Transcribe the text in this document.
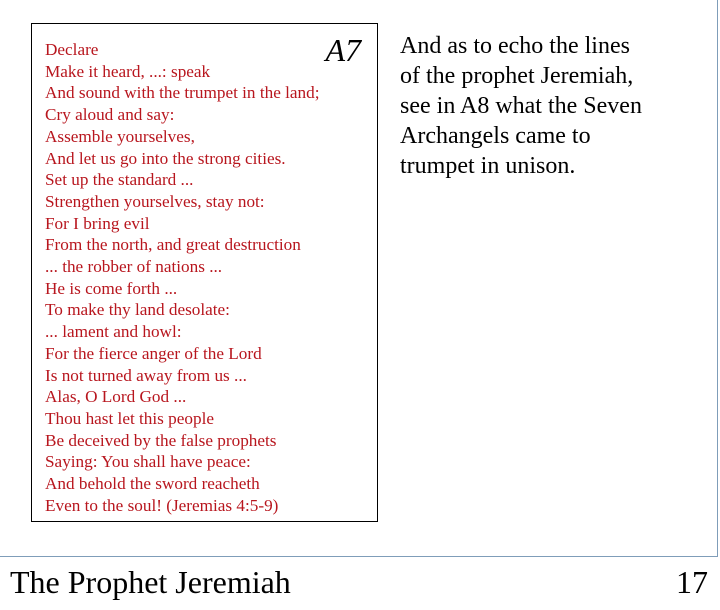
A7
Declare
Make it heard, ...: speak
And sound with the trumpet in the land;
Cry aloud and say:
Assemble yourselves,
And let us go into the strong cities.
Set up the standard ...
Strengthen yourselves, stay not:
For I bring evil
From the north, and great destruction
... the robber of nations ...
He is come forth ...
To make thy land desolate:
... lament and howl:
For the fierce anger of the Lord
Is not turned away from us ...
Alas, O Lord God ...
Thou hast let this people
Be deceived by the false prophets
Saying: You shall have peace:
And behold the sword reacheth
Even to the soul! (Jeremias 4:5-9)
And as to echo the lines
of the prophet Jeremiah,
see in A8 what the Seven
Archangels came to
trumpet in unison.
The Prophet Jeremiah	17
